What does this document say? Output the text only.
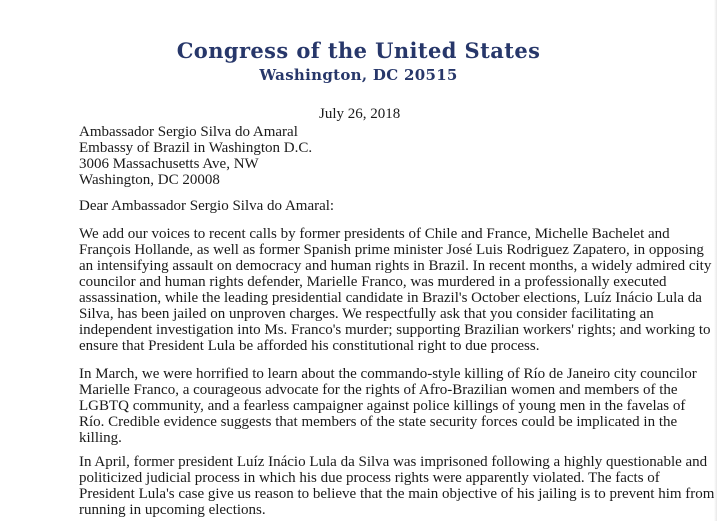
Congress of the United States
Washington, DC 20515
July 26, 2018
Ambassador Sergio Silva do Amaral
Embassy of Brazil in Washington D.C.
3006 Massachusetts Ave, NW
Washington, DC 20008
Dear Ambassador Sergio Silva do Amaral:
We add our voices to recent calls by former presidents of Chile and France, Michelle Bachelet and
François Hollande, as well as former Spanish prime minister José Luis Rodriguez Zapatero, in opposing
an intensifying assault on democracy and human rights in Brazil. In recent months, a widely admired city
councilor and human rights defender, Marielle Franco, was murdered in a professionally executed
assassination, while the leading presidential candidate in Brazil's October elections, Luíz Inácio Lula da
Silva, has been jailed on unproven charges. We respectfully ask that you consider facilitating an
independent investigation into Ms. Franco's murder; supporting Brazilian workers' rights; and working to
ensure that President Lula be afforded his constitutional right to due process.
In March, we were horrified to learn about the commando-style killing of Río de Janeiro city councilor
Marielle Franco, a courageous advocate for the rights of Afro-Brazilian women and members of the
LGBTQ community, and a fearless campaigner against police killings of young men in the favelas of
Río. Credible evidence suggests that members of the state security forces could be implicated in the
killing.
In April, former president Luíz Inácio Lula da Silva was imprisoned following a highly questionable and
politicized judicial process in which his due process rights were apparently violated. The facts of
President Lula's case give us reason to believe that the main objective of his jailing is to prevent him from
running in upcoming elections.
